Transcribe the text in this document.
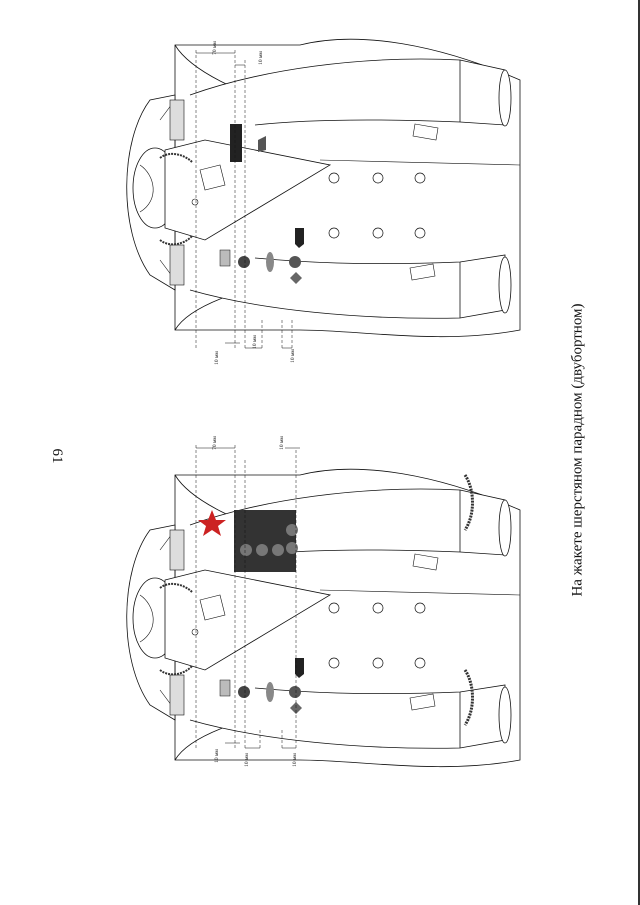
61	На жакете шерстяном парадном (двубортном)
70 мм
10 мм
10 мм
10 мм
10 мм
70 мм	10 мм
10 мм	10 мм	10 мм
